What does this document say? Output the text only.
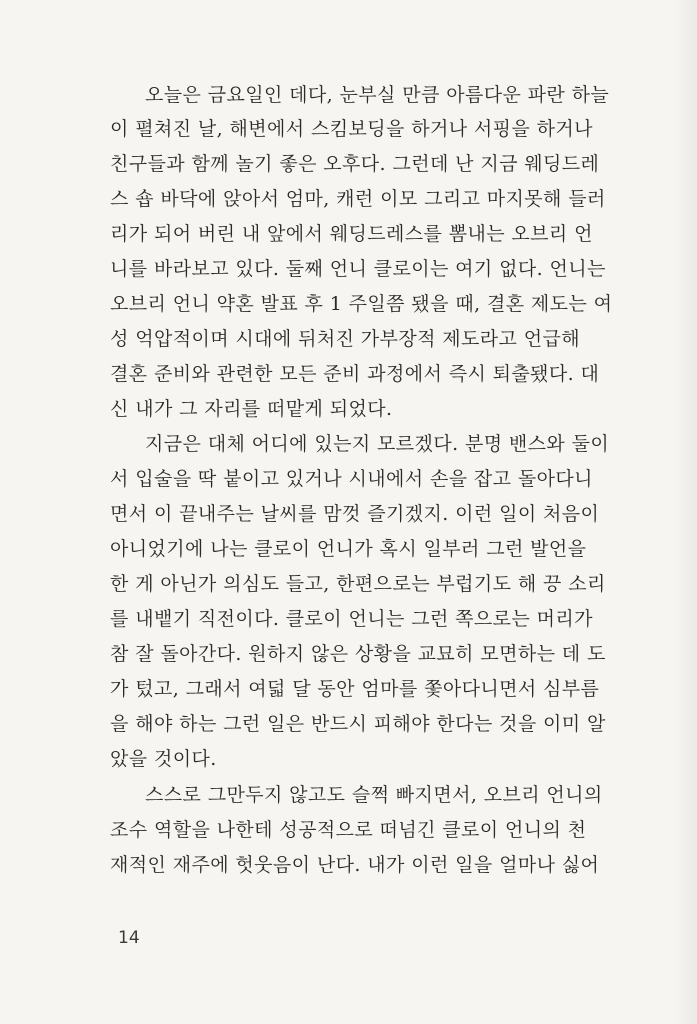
오늘은 금요일인 데다, 눈부실 만큼 아름다운 파란 하늘
이 펼쳐진 날, 해변에서 스킴보딩을 하거나 서핑을 하거나
친구들과 함께 놀기 좋은 오후다. 그런데 난 지금 웨딩드레
스 숍 바닥에 앉아서 엄마, 캐런 이모 그리고 마지못해 들러
리가 되어 버린 내 앞에서 웨딩드레스를 뽐내는 오브리 언
니를 바라보고 있다. 둘째 언니 클로이는 여기 없다. 언니는
오브리 언니 약혼 발표 후 1 주일쯤 됐을 때, 결혼 제도는 여
성 억압적이며 시대에 뒤처진 가부장적 제도라고 언급해
결혼 준비와 관련한 모든 준비 과정에서 즉시 퇴출됐다. 대
신 내가 그 자리를 떠맡게 되었다.
지금은 대체 어디에 있는지 모르겠다. 분명 밴스와 둘이
서 입술을 딱 붙이고 있거나 시내에서 손을 잡고 돌아다니
면서 이 끝내주는 날씨를 맘껏 즐기겠지. 이런 일이 처음이
아니었기에 나는 클로이 언니가 혹시 일부러 그런 발언을
한 게 아닌가 의심도 들고, 한편으로는 부럽기도 해 끙 소리
를 내뱉기 직전이다. 클로이 언니는 그런 쪽으로는 머리가
참 잘 돌아간다. 원하지 않은 상황을 교묘히 모면하는 데 도
가 텄고, 그래서 여덟 달 동안 엄마를 쫓아다니면서 심부름
을 해야 하는 그런 일은 반드시 피해야 한다는 것을 이미 알
았을 것이다.
스스로 그만두지 않고도 슬쩍 빠지면서, 오브리 언니의
조수 역할을 나한테 성공적으로 떠넘긴 클로이 언니의 천
재적인 재주에 헛웃음이 난다. 내가 이런 일을 얼마나 싫어
14
